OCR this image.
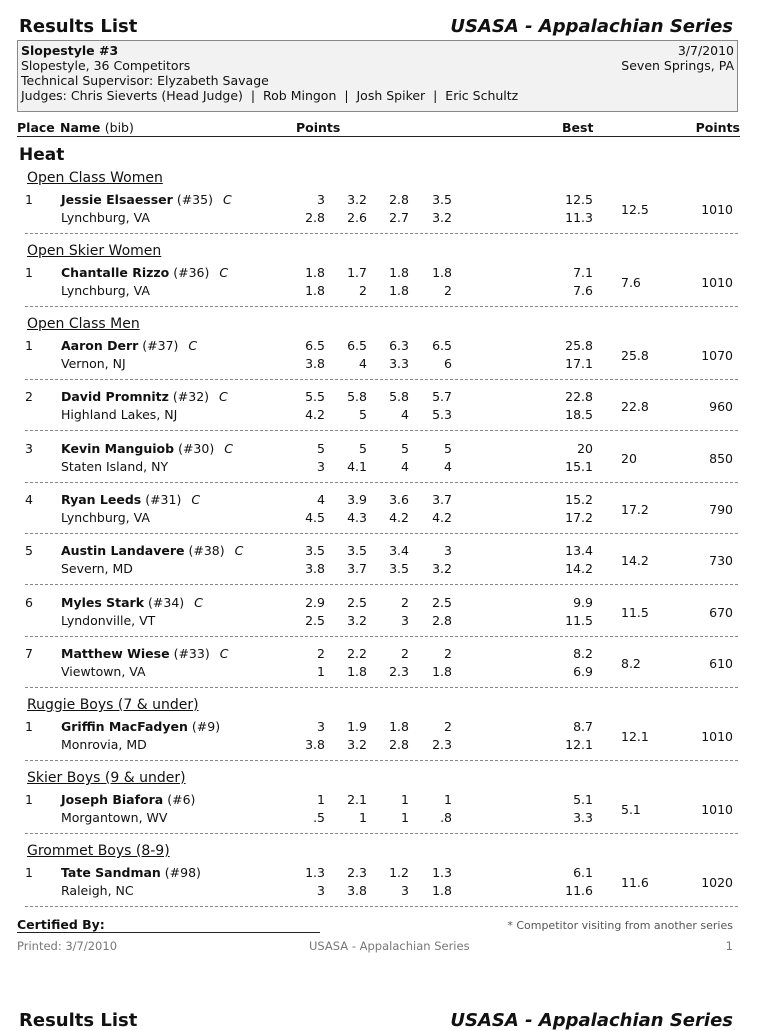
Results List	USASA - Appalachian Series
Slopestyle #3
Slopestyle, 36 Competitors
Technical Supervisor: Elyzabeth Savage
Judges: Chris Sieverts (Head Judge)  |  Rob Mingon  |  Josh Spiker  |  Eric Schultz
3/7/2010
Seven Springs, PA
Place Name (bib)	Points	Best	Points
Heat
Open Class Women
1 Jessie Elsaesser (#35) C
Lynchburg, VA
3	3.2	2.8	3.5	12.5
2.8	2.6	2.7	3.2	11.3
12.5	1010
Open Skier Women
1 Chantalle Rizzo (#36) C
Lynchburg, VA
1.8	1.7	1.8	1.8	7.1
1.8	2	1.8	2	7.6
7.6	1010
Open Class Men
1 Aaron Derr (#37) C
Vernon, NJ
6.5	6.5	6.3	6.5	25.8
3.8	4	3.3	6	17.1
25.8	1070
2 David Promnitz (#32) C
Highland Lakes, NJ
5.5	5.8	5.8	5.7	22.8
4.2	5	4	5.3	18.5
22.8	960
3 Kevin Manguiob (#30) C
Staten Island, NY
5	5	5	5	20
3	4.1	4	4	15.1
20	850
4 Ryan Leeds (#31) C
Lynchburg, VA
4	3.9	3.6	3.7	15.2
4.5	4.3	4.2	4.2	17.2
17.2	790
5 Austin Landavere (#38) C
Severn, MD
3.5	3.5	3.4	3	13.4
3.8	3.7	3.5	3.2	14.2
14.2	730
6 Myles Stark (#34) C
Lyndonville, VT
2.9	2.5	2	2.5	9.9
2.5	3.2	3	2.8	11.5
11.5	670
7 Matthew Wiese (#33) C
Viewtown, VA
2	2.2	2	2	8.2
1	1.8	2.3	1.8	6.9
8.2	610
Ruggie Boys (7 & under)
1 Griffin MacFadyen (#9)
Monrovia, MD
3	1.9	1.8	2	8.7
3.8	3.2	2.8	2.3	12.1
12.1	1010
Skier Boys (9 & under)
1 Joseph Biafora (#6)
Morgantown, WV
1	2.1	1	1	5.1
.5	1	1	.8	3.3
5.1	1010
Grommet Boys (8-9)
1 Tate Sandman (#98)
Raleigh, NC
1.3	2.3	1.2	1.3	6.1
3	3.8	3	1.8	11.6
11.6	1020
Certified By:	* Competitor visiting from another series
Printed: 3/7/2010	USASA - Appalachian Series	1
Results List	USASA - Appalachian Series
